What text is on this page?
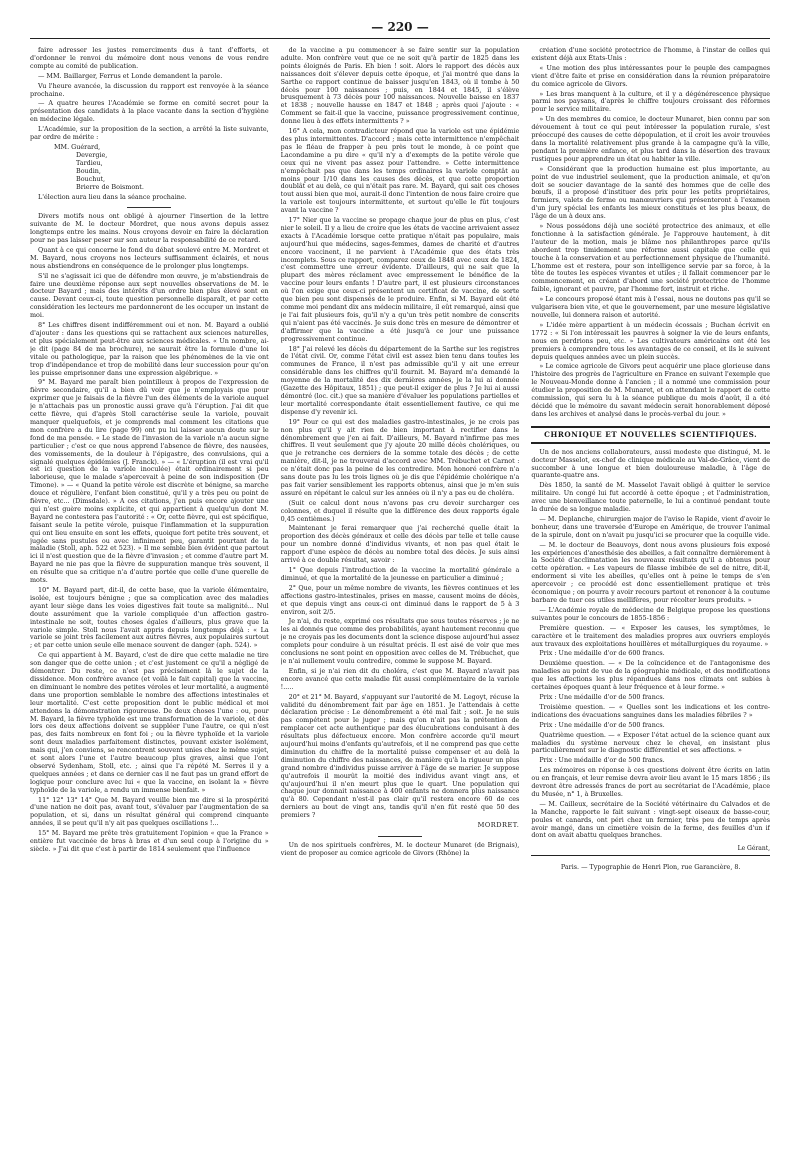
— 220 —

faire adresser les justes remerciments dus à tant d'efforts, et d'ordonner le renvoi du mémoire dont nous venons de vous rendre compte au comité de publication.

— MM. Baillarger, Ferrus et Londe demandent la parole.

Vu l'heure avancée, la discussion du rapport est renvoyée à la séance prochaine.

— A quatre heures l'Académie se forme en comité secret pour la présentation des candidats à la place vacante dans la section d'hygiène en médecine légale.

L'Académie, sur la proposition de la section, a arrêté la liste suivante, par ordre de mérite :

MM. Guérard,
Devergie,
Tardieu,
Boudin,
Bouchut,
Brierre de Boismont.

L'élection aura lieu dans la séance prochaine.

Divers motifs nous ont obligé à ajourner l'insertion de la lettre suivante de M. le docteur Mordret, que nous avons depuis assez longtemps entre les mains. Nous croyons devoir en faire la déclaration pour ne pas laisser peser sur son auteur la responsabilité de ce retard.

Quant à ce qui concerne le fond du débat soulevé entre M. Mordret et M. Bayard, nous croyons nos lecteurs suffisamment éclairés, et nous nous abstiendrons en conséquence de le prolonger plus longtemps.

S'il ne s'agissait ici que de défendre mon œuvre, je m'abstiendrais de faire une deuxième réponse aux sept nouvelles observations de M. le docteur Bayard ; mais des intérêts d'un ordre bien plus élevé sont en cause. Devant ceux-ci, toute question personnelle disparaît, et par cette considération les lecteurs me pardonneront de les occuper un instant de moi.

8° Les chiffres disent indifféremment oui et non. M. Bayard a oublié d'ajouter : dans les questions qui se rattachent aux sciences naturelles, et plus spécialement peut-être aux sciences médicales. « Un nombre, ai-je dit (page 84 de ma brochure), ne saurait être la formule d'une loi vitale ou pathologique, par la raison que les phénomènes de la vie ont trop d'indépendance et trop de mobilité dans leur succession pour qu'on les puisse emprisonner dans une expression algébrique. »

9° M. Bayard me paraît bien pointilleux à propos de l'expression de fièvre secondaire, qu'il a bien dû voir que je n'employais que pour exprimer que je faisais de la fièvre l'un des éléments de la variole auquel je n'attachais pas un pronostic aussi grave qu'à l'éruption. J'ai dit que cette fièvre, qui d'après Stoll caractérise seule la variole, pouvait manquer quelquefois, et je comprends mal comment les citations que mon confrère a du lire (page 99) ont pu lui laisser aucun doute sur le fond de ma pensée. « Le stade de l'invasion de la variole n'a aucun signe particulier ; c'est ce que nous apprend l'absence de fièvre, des nausées, des vomissements, de la douleur à l'épigastre, des convulsions, qui a signalé quelques épidémies (J. Franck). » — « L'éruption (il est vrai qu'il est ici question de la variole inoculée) était ordinairement si peu laborieuse, que le malade s'apercevait à peine de son indisposition (Dr Timone). » — « Quand la petite vérole est discrète et bénigne, sa marche douce et régulière, l'enfant bien constitué, qu'il y a très peu ou point de fièvre, etc... (Dimsdale). » A ces citations, j'en puis encore ajouter une qui n'est guère moins explicite, et qui appartient à quelqu'un dont M. Bayard ne contestera pas l'autorité : « Or, cette fièvre, qui est spécifique, faisant seule la petite vérole, puisque l'inflammation et la suppuration qui ont lieu ensuite en sont les effets, quoique fort petite très souvent, et jugée sans pustules ou avec infiniment peu, garantit pourtant de la maladie (Stoll, aph. 522 et 523). » Il me semble bien évident que partout ici il n'est question que de la fièvre d'invasion ; et comme d'autre part M. Bayard ne nie pas que la fièvre de suppuration manque très souvent, il en résulte que sa critique n'a d'autre portée que celle d'une querelle de mots.

10° M. Bayard part, dit-il, de cette base, que la variole élémentaire, isolée, est toujours bénigne ; que sa complication avec des maladies ayant leur siège dans les voies digestives fait toute sa malignité... Nul doute assurément que la variole compliquée d'un affection gastro-intestinale ne soit, toutes choses égales d'ailleurs, plus grave que la variole simple. Stoll nous l'avait appris depuis longtemps déjà : « La variole se joint très facilement aux autres fièvres, aux populaires surtout ; et par cette union seule elle menace souvent de danger (aph. 524). »

Ce qui appartient à M. Bayard, c'est de dire que cette maladie ne tire son danger que de cette union ; et c'est justement ce qu'il a négligé de démontrer. Du reste, ce n'est pas précisément là le sujet de la dissidence. Mon confrère avance (et voilà le fait capital) que la vaccine, en diminuant le nombre des petites véroles et leur mortalité, a augmenté dans une proportion semblable le nombre des affections intestinales et leur mortalité. C'est cette proposition dont le public médical et moi attendons la démonstration rigoureuse. De deux choses l'une : ou, pour M. Bayard, la fièvre typhoïde est une transformation de la variole, et dès lors ces deux affections doivent se suppléer l'une l'autre, ce qui n'est pas, des faits nombreux en font foi ; ou la fièvre typhoïde et la variole sont deux maladies parfaitement distinctes, pouvant exister isolément, mais qui, j'en conviens, se rencontrent souvent unies chez le même sujet, et sont alors l'une et l'autre beaucoup plus graves, ainsi que l'ont observé Sydenham, Stoll, etc. ; ainsi que l'a répété M. Serres il y a quelques années ; et dans ce dernier cas il ne faut pas un grand effort de logique pour conclure avec lui « que la vaccine, en isolant la » fièvre typhoïde de la variole, a rendu un immense bienfait. »

11° 12° 13° 14° Que M. Bayard veuille bien me dire si la prospérité d'une nation ne doit pas, avant tout, s'évaluer par l'augmentation de sa population, et si, dans un résultat général qui comprend cinquante années, il se peut qu'il n'y ait pas quelques oscillations !...

15° M. Bayard me prête très gratuitement l'opinion « que la France » entière fut vaccinée de bras à bras et d'un seul coup à l'origine du » siècle. » J'ai dit que c'est à partir de 1814 seulement que l'influence

de la vaccine a pu commencer à se faire sentir sur la population adulte. Mon confrère veut que ce ne soit qu'à partir de 1825 dans les points éloignés de Paris. Eh bien ! soit. Alors le rapport des décès aux naissances doit s'élever depuis cette époque, et j'ai montré que dans la Sarthe ce rapport continue de baisser jusqu'en 1843, où il tombe à 50 décès pour 100 naissances ; puis, en 1844 et 1845, il s'élève brusquement à 73 décès pour 100 naissances. Nouvelle baisse en 1837 et 1838 ; nouvelle hausse en 1847 et 1848 ; après quoi j'ajoute : « Comment se fait-il que la vaccine, puissance progressivement continue, donne lieu à des effets intermittents ? »

16° A cela, mon contradicteur répond que la variole est une épidémie des plus intermittentes. D'accord ; mais cette intermittence n'empêchait pas le fléau de frapper à peu près tout le monde, à ce point que Lacondamine a pu dire « qu'il n'y a d'exempts de la petite vérole que ceux qui ne vivent pas assez pour l'attendre. » Cette intermittence n'empêchait pas que dans les temps ordinaires la variole comptât au moins pour 1/10 dans les causes des décès, et que cette proportion doublât et au delà, ce qui n'était pas rare. M. Bayard, qui sait ces choses tout aussi bien que moi, aurait-il donc l'intention de nous faire croire que la variole est toujours intermittente, et surtout qu'elle le fût toujours avant la vaccine ?

17° Nier que la vaccine se propage chaque jour de plus en plus, c'est nier le soleil. Il y a lieu de croire que les états de vaccine arrivaient assez exacts à l'Académie lorsque cette pratique n'était pas populaire, mais aujourd'hui que médecins, sages-femmes, dames de charité et d'autres encore vaccinent, il ne parvient à l'Académie que des états très incomplets. Sous ce rapport, comparez ceux de 1848 avec ceux de 1824, c'est commettre une erreur évidente. D'ailleurs, qui ne sait que la plupart des mères réclament avec empressement le bénéfice de la vaccine pour leurs enfants ! D'autre part, il est plusieurs circonstances où l'on exige que ceux-ci présentent un certificat de vaccine, de sorte que bien peu sont dispensés de le produire. Enfin, si M. Bayard eût été comme moi pendant dix ans médecin militaire, il eût remarqué, ainsi que je l'ai fait plusieurs fois, qu'il n'y a qu'un très petit nombre de conscrits qui n'aient pas été vaccinés. Je suis donc très en mesure de démontrer et d'affirmer que la vaccine a été jusqu'à ce jour une puissance progressivement continue.

18° J'ai relevé les décès du département de la Sarthe sur les registres de l'état civil. Or, comme l'état civil est assez bien tenu dans toutes les communes de France, il n'est pas admissible qu'il y ait une erreur considérable dans les chiffres qu'il fournit. M. Bayard m'a demandé la moyenne de la mortalité des dix dernières années, je la lui ai donnée (Gazette des Hôpitaux, 1851) ; que peut-il exiger de plus ? Je lui ai aussi démontré (loc. cit.) que sa manière d'évaluer les populations partielles et leur mortalité correspondante était essentiellement fautive, ce qui me dispense d'y revenir ici.

19° Pour ce qui est des maladies gastro-intestinales, je ne crois pas non plus qu'il y ait rien de bien important à rectifier dans le dénombrement que j'en ai fait. D'ailleurs, M. Bayard n'infirme pas mes chiffres. Il veut seulement que j'y ajoute 20 mille décès cholériques, ou que je retranche ces derniers de la somme totale des décès ; de cette manière, dit-il, je ne trouverai d'accord avec MM. Trébuchet et Carnot : ce n'était donc pas la peine de les contredire. Mon honoré confrère n'a sans doute pas lu les trois lignes où je dis que l'épidémie cholérique n'a pas fait varier sensiblement les rapports obtenus, ainsi que je m'en suis assuré en répétant le calcul sur les années où il n'y a pas eu de choléra.

(Suit ce calcul dont nous n'avons pas cru devoir surcharger ces colonnes, et duquel il résulte que la différence des deux rapports égale 0,45 centièmes.)

Maintenant je ferai remarquer que j'ai recherché quelle était la proportion des décès généraux et celle des décès par telle et telle cause pour un nombre donné d'individus vivants, et non pas quel était le rapport d'une espèce de décès au nombre total des décès. Je suis ainsi arrivé à ce double résultat, savoir :

1° Que depuis l'introduction de la vaccine la mortalité générale a diminué, et que la mortalité de la jeunesse en particulier a diminué ;

2° Que, pour un même nombre de vivants, les fièvres continues et les affections gastro-intestinales, prises en masse, causent moins de décès, et que depuis vingt ans ceux-ci ont diminué dans le rapport de 5 à 3 environ, soit 2/5.

Je n'ai, du reste, exprimé ces résultats que sous toutes réserves ; je ne les ai donnés que comme des probabilités, ayant hautement reconnu que je ne croyais pas les documents dont la science dispose aujourd'hui assez complets pour conduire à un résultat précis. Il est aisé de voir que mes conclusions ne sont point en opposition avec celles de M. Trébuchet, que je n'ai nullement voulu contredire, comme le suppose M. Bayard.

Enfin, si je n'ai rien dit du choléra, c'est que M. Bayard n'avait pas encore avancé que cette maladie fût aussi complémentaire de la variole !.....

20° et 21° M. Bayard, s'appuyant sur l'autorité de M. Legoyt, récuse la validité du dénombrement fait par âge en 1851. Je l'attendais à cette déclaration précise : Le dénombrement a été mal fait ; soit. Je ne suis pas compétent pour le juger ; mais qu'on n'ait pas la prétention de remplacer cet acte authentique par des élucubrations conduisant à des résultats plus défectueux encore. Mon confrère accorde qu'il meurt aujourd'hui moins d'enfants qu'autrefois, et il ne comprend pas que cette diminution du chiffre de la mortalité puisse compenser et au delà la diminution du chiffre des naissances, de manière qu'à la rigueur un plus grand nombre d'individus puisse arriver à l'âge de se marier. Je suppose qu'autrefois il mourût la moitié des individus avant vingt ans, et qu'aujourd'hui il n'en meurt plus que le quart. Une population qui chaque jour donnait naissance à 400 enfants ne donnera plus naissance qu'à 80. Cependant n'est-il pas clair qu'il restera encore 60 de ces derniers au bout de vingt ans, tandis qu'il n'en fût resté que 50 des premiers ?

MORDRET.

Un de nos spirituels confrères, M. le docteur Munaret (de Brignais), vient de proposer au comice agricole de Givors (Rhône) la

création d'une société protectrice de l'homme, à l'instar de celles qui existent déjà aux États-Unis :

« Une motion des plus intéressantes pour le peuple des campagnes vient d'être faite et prise en considération dans la réunion préparatoire du comice agricole de Givors.

» Les bras manquent à la culture, et il y a dégénérescence physique parmi nos paysans, d'après le chiffre toujours croissant des réformes pour le service militaire.

» Un des membres du comice, le docteur Munaret, bien connu par son dévouement à tout ce qui peut intéresser la population rurale, s'est préoccupé des causes de cette dépopulation, et il croit les avoir trouvées dans la mortalité relativement plus grande à la campagne qu'à la ville, pendant la première enfance, et plus tard dans la désertion des travaux rustiques pour apprendre un état ou habiter la ville.

» Considérant que la production humaine est plus importante, au point de vue industriel seulement, que la production animale, et qu'on doit se soucier davantage de la santé des hommes que de celle des bœufs, il a proposé d'instituer des prix pour les petits propriétaires, fermiers, valets de ferme ou manœuvriers qui présenteront à l'examen d'un jury spécial les enfants les mieux constitués et les plus beaux, de l'âge de un à deux ans.

» Nous possédons déjà une société protectrice des animaux, et elle fonctionne à la satisfaction générale. Je l'approuve hautement, à dit l'auteur de la motion, mais je blâme nos philanthropes parce qu'ils abordent trop timidement une réforme aussi capitale que celle qui touche à la conservation et au perfectionnement physique de l'humanité. L'homme est et restera, pour son intelligence servie par sa force, à la tête de toutes les espèces vivantes et utiles ; il fallait commencer par le commencement, en créant d'abord une société protectrice de l'homme faible, ignorant et pauvre, par l'homme fort, instruit et riche.

» Le concours proposé étant mis à l'essai, nous ne doutons pas qu'il se vulgarisera bien vite, et que le gouvernement, par une mesure législative nouvelle, lui donnera raison et autorité.

» L'idée mère appartient à un médecin écossais ; Buchan écrivit en 1772 : « Si l'on intéressait les pauvres à soigner la vie de leurs enfants, nous en perdrions peu, etc. » Les cultivateurs américains ont été les premiers à comprendre tous les avantages de ce conseil, et ils le suivent depuis quelques années avec un plein succès.

» Le comice agricole de Givors peut acquérir une place glorieuse dans l'histoire des progrès de l'agriculture en France en suivant l'exemple que le Nouveau-Monde donne à l'ancien ; il a nommé une commission pour étudier la proposition de M. Munaret, et on attendant le rapport de cette commission, qui sera lu à la séance publique du mois d'août, il a été décidé que le mémoire du savant médecin serait honorablement déposé dans les archives et analysé dans le procès-verbal du jour. »

CHRONIQUE ET NOUVELLES SCIENTIFIQUES.

Un de nos anciens collaborateurs, aussi modeste que distingué, M. le docteur Masselot, ex-chef de clinique médicale au Val-de-Grâce, vient de succomber à une longue et bien douloureuse maladie, à l'âge de quarante-quatre ans.

Dès 1850, la santé de M. Masselot l'avait obligé à quitter le service militaire. Un congé lui fut accordé à cette époque ; et l'administration, avec une bienveillance toute paternelle, le lui a continué pendant toute la durée de sa longue maladie.

— M. Deplanche, chirurgien major de l'aviso le Rapide, vient d'avoir le bonheur, dans une traversée d'Europe en Amérique, de trouver l'animal de la spirule, dont on n'avait pu jusqu'ici se procurer que la coquille vide.

— M. le docteur de Beauvoys, dont nous avons plusieurs fois exposé les expériences d'anesthésie des abeilles, a fait connaître dernièrement à la Société d'acclimatation les nouveaux résultats qu'il a obtenus pour cette opération. « Les vapeurs de filasse imbibée de sel de nitre, dit-il, endorment si vite les abeilles, qu'elles ont à peine le temps de s'en apercevoir ; ce procédé est donc essentiellement pratique et très économique ; on pourra y avoir recours partout et renoncer à la coutume barbare de tuer ces utiles mellifères, pour récolter leurs produits. »

— L'Académie royale de médecine de Belgique propose les questions suivantes pour le concours de 1855-1856 :

Première question. — « Exposer les causes, les symptômes, le caractère et le traitement des maladies propres aux ouvriers employés aux travaux des exploitations houillères et métallurgiques du royaume. »

Prix : Une médaille d'or de 600 francs.

Deuxième question. — « De la coïncidence et de l'antagonisme des maladies au point de vue de la géographie médicale, et des modifications que les affections les plus répandues dans nos climats ont subies à certaines époques quant à leur fréquence et à leur forme. »

Prix : Une médaille d'or de 500 francs.

Troisième question. — « Quelles sont les indications et les contre-indications des évacuations sanguines dans les maladies fébriles ? »

Prix : Une médaille d'or de 500 francs.

Quatrième question. — « Exposer l'état actuel de la science quant aux maladies du système nerveux chez le cheval, en insistant plus particulièrement sur le diagnostic différentiel et ses affections. »

Prix : Une médaille d'or de 500 francs.

Les mémoires en réponse à ces questions doivent être écrits en latin ou en français, et leur remise devra avoir lieu avant le 15 mars 1856 ; ils devront être adressés francs de port au secrétariat de l'Académie, place du Musée, n° 1, à Bruxelles.

— M. Cailleux, secrétaire de la Société vétérinaire du Calvados et de la Manche, rapporte le fait suivant : vingt-sept oiseaux de basse-cour, poules et canards, ont péri chez un fermier, très peu de temps après avoir mangé, dans un cimetière voisin de la ferme, des feuilles d'un if dont on avait abattu quelques branches.

Le Gérant,
Paris. — Typographie de Henri Plon, rue Garancière, 8.
